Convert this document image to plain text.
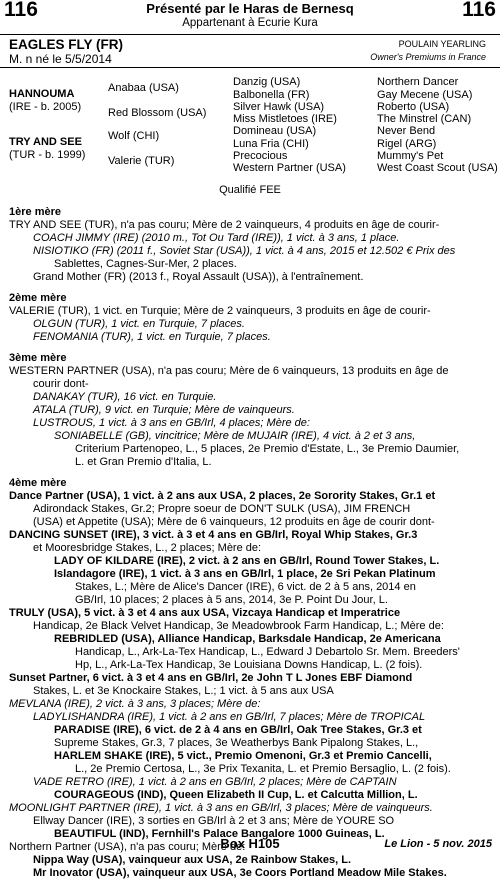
116	116
Présenté par le Haras de Bernesq
Appartenant à Ecurie Kura
EAGLES FLY (FR)
M. n né le 5/5/2014
POULAIN YEARLING
Owner's Premiums in France
HANNOUMA
(IRE - b. 2005)
TRY AND SEE
(TUR - b. 1999)
Anabaa (USA)
Red Blossom (USA)
Wolf (CHI)
Valerie (TUR)
Danzig (USA)
Balbonella (FR)
Silver Hawk (USA)
Miss Mistletoes (IRE)
Domineau (USA)
Luna Fria (CHI)
Precocious
Western Partner (USA)
Northern Dancer
Gay Mecene (USA)
Roberto (USA)
The Minstrel (CAN)
Never Bend
Rigel (ARG)
Mummy's Pet
West Coast Scout (USA)
Qualifié FEE
1ère mère
TRY AND SEE (TUR), n'a pas couru; Mère de 2 vainqueurs, 4 produits en âge de courir-
COACH JIMMY (IRE) (2010 m., Tot Ou Tard (IRE)), 1 vict. à 3 ans, 1 place.
NISIOTIKO (FR) (2011 f., Soviet Star (USA)), 1 vict. à 4 ans, 2015 et 12.502 € Prix des
Sablettes, Cagnes-Sur-Mer, 2 places.
Grand Mother (FR) (2013 f., Royal Assault (USA)), à l'entraînement.
2ème mère
VALERIE (TUR), 1 vict. en Turquie; Mère de 2 vainqueurs, 3 produits en âge de courir-
OLGUN (TUR), 1 vict. en Turquie, 7 places.
FENOMANIA (TUR), 1 vict. en Turquie, 7 places.
3ème mère
WESTERN PARTNER (USA), n'a pas couru; Mère de 6 vainqueurs, 13 produits en âge de
courir dont-
DANAKAY (TUR), 16 vict. en Turquie.
ATALA (TUR), 9 vict. en Turquie; Mère de vainqueurs.
LUSTROUS, 1 vict. à 3 ans en GB/Irl, 4 places; Mère de:
SONIABELLE (GB), vincitrice; Mère de MUJAIR (IRE), 4 vict. à 2 et 3 ans,
Criterium Partenopeo, L., 5 places, 2e Premio d'Estate, L., 3e Premio Daumier,
L. et Gran Premio d'Italia, L.
4ème mère
Dance Partner (USA), 1 vict. à 2 ans aux USA, 2 places, 2e Sorority Stakes, Gr.1 et
Adirondack Stakes, Gr.2; Propre soeur de DON'T SULK (USA), JIM FRENCH
(USA) et Appetite (USA); Mère de 6 vainqueurs, 12 produits en âge de courir dont-
DANCING SUNSET (IRE), 3 vict. à 3 et 4 ans en GB/Irl, Royal Whip Stakes, Gr.3
et Mooresbridge Stakes, L., 2 places; Mère de:
LADY OF KILDARE (IRE), 2 vict. à 2 ans en GB/Irl, Round Tower Stakes, L.
Islandagore (IRE), 1 vict. à 3 ans en GB/Irl, 1 place, 2e Sri Pekan Platinum
Stakes, L.; Mère de Alice's Dancer (IRE), 6 vict. de 2 à 5 ans, 2014 en
GB/Irl, 10 places; 2 places à 5 ans, 2014, 3e P. Point Du Jour, L.
TRULY (USA), 5 vict. à 3 et 4 ans aux USA, Vizcaya Handicap et Imperatrice
Handicap, 2e Black Velvet Handicap, 3e Meadowbrook Farm Handicap, L.; Mère de:
REBRIDLED (USA), Alliance Handicap, Barksdale Handicap, 2e Americana
Handicap, L., Ark-La-Tex Handicap, L., Edward J Debartolo Sr. Mem. Breeders'
Hp, L., Ark-La-Tex Handicap, 3e Louisiana Downs Handicap, L. (2 fois).
Sunset Partner, 6 vict. à 3 et 4 ans en GB/Irl, 2e John T L Jones EBF Diamond
Stakes, L. et 3e Knockaire Stakes, L.; 1 vict. à 5 ans aux USA
MEVLANA (IRE), 2 vict. à 3 ans, 3 places; Mère de:
LADYLISHANDRA (IRE), 1 vict. à 2 ans en GB/Irl, 7 places; Mère de TROPICAL
PARADISE (IRE), 6 vict. de 2 à 4 ans en GB/Irl, Oak Tree Stakes, Gr.3 et
Supreme Stakes, Gr.3, 7 places, 3e Weatherbys Bank Pipalong Stakes, L.,
HARLEM SHAKE (IRE), 5 vict., Premio Omenoni, Gr.3 et Premio Cancelli,
L., 2e Premio Certosa, L., 3e Prix Texanita, L. et Premio Bersaglio, L. (2 fois).
VADE RETRO (IRE), 1 vict. à 2 ans en GB/Irl, 2 places; Mère de CAPTAIN
COURAGEOUS (IND), Queen Elizabeth II Cup, L. et Calcutta Million, L.
MOONLIGHT PARTNER (IRE), 1 vict. à 3 ans en GB/Irl, 3 places; Mère de vainqueurs.
Ellway Dancer (IRE), 3 sorties en GB/Irl à 2 et 3 ans; Mère de YOURE SO
BEAUTIFUL (IND), Fernhill's Palace Bangalore 1000 Guineas, L.
Northern Partner (USA), n'a pas couru; Mère de:
Nippa Way (USA), vainqueur aux USA, 2e Rainbow Stakes, L.
Mr Inovator (USA), vainqueur aux USA, 3e Coors Portland Meadow Mile Stakes.
Box H105	Le Lion - 5 nov. 2015
